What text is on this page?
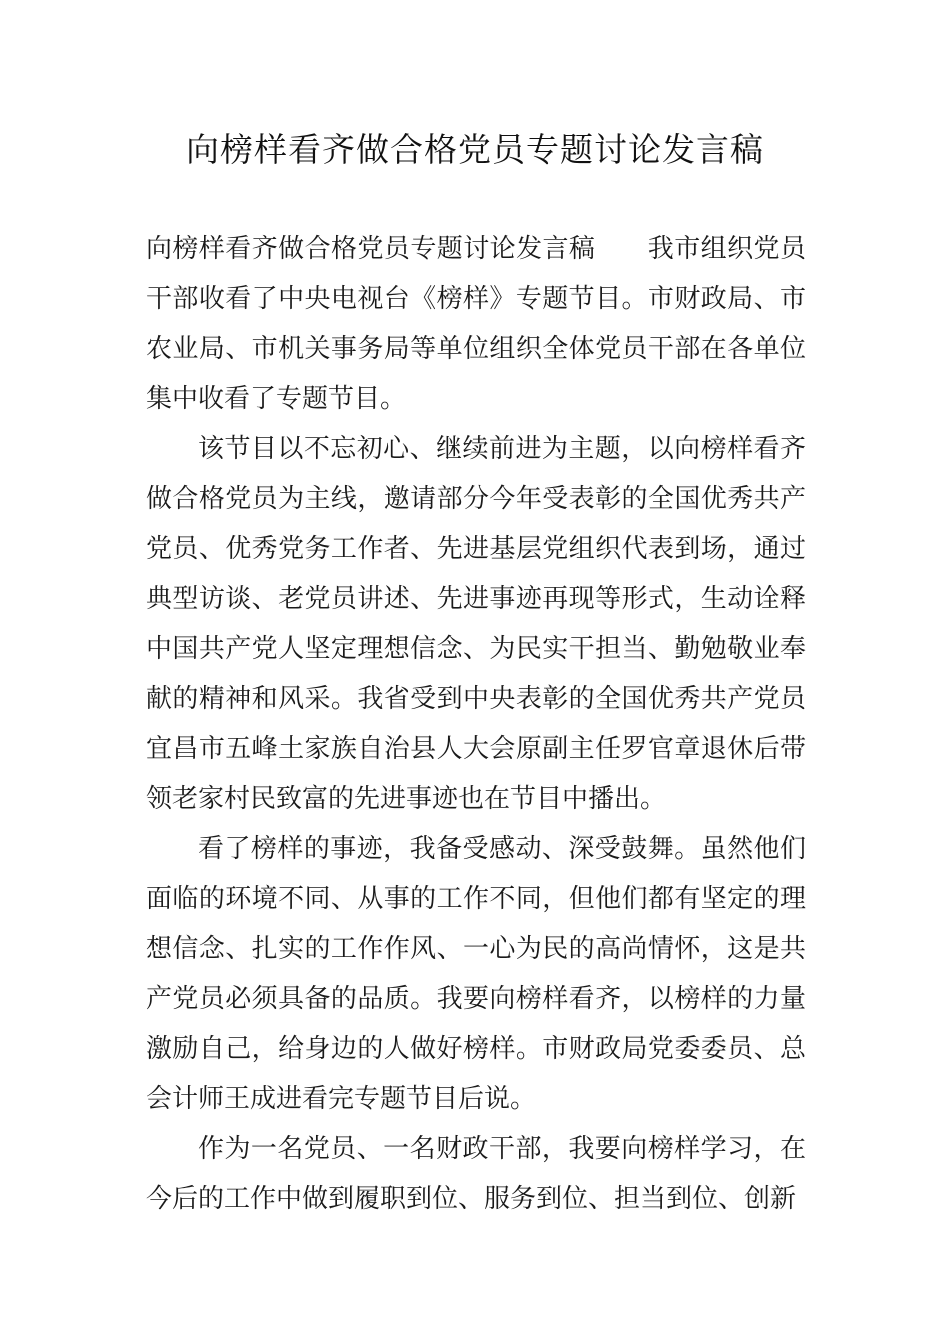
向榜样看齐做合格党员专题讨论发言稿

向榜样看齐做合格党员专题讨论发言稿 我市组织党员干部收看了中央电视台《榜样》专题节目。市财政局、市农业局、市机关事务局等单位组织全体党员干部在各单位集中收看了专题节目。

该节目以不忘初心、继续前进为主题，以向榜样看齐做合格党员为主线，邀请部分今年受表彰的全国优秀共产党员、优秀党务工作者、先进基层党组织代表到场，通过典型访谈、老党员讲述、先进事迹再现等形式，生动诠释中国共产党人坚定理想信念、为民实干担当、勤勉敬业奉献的精神和风采。我省受到中央表彰的全国优秀共产党员宜昌市五峰土家族自治县人大会原副主任罗官章退休后带领老家村民致富的先进事迹也在节目中播出。

看了榜样的事迹，我备受感动、深受鼓舞。虽然他们面临的环境不同、从事的工作不同，但他们都有坚定的理想信念、扎实的工作作风、一心为民的高尚情怀，这是共产党员必须具备的品质。我要向榜样看齐，以榜样的力量激励自己，给身边的人做好榜样。市财政局党委委员、总会计师王成进看完专题节目后说。

作为一名党员、一名财政干部，我要向榜样学习，在今后的工作中做到履职到位、服务到位、担当到位、创新
